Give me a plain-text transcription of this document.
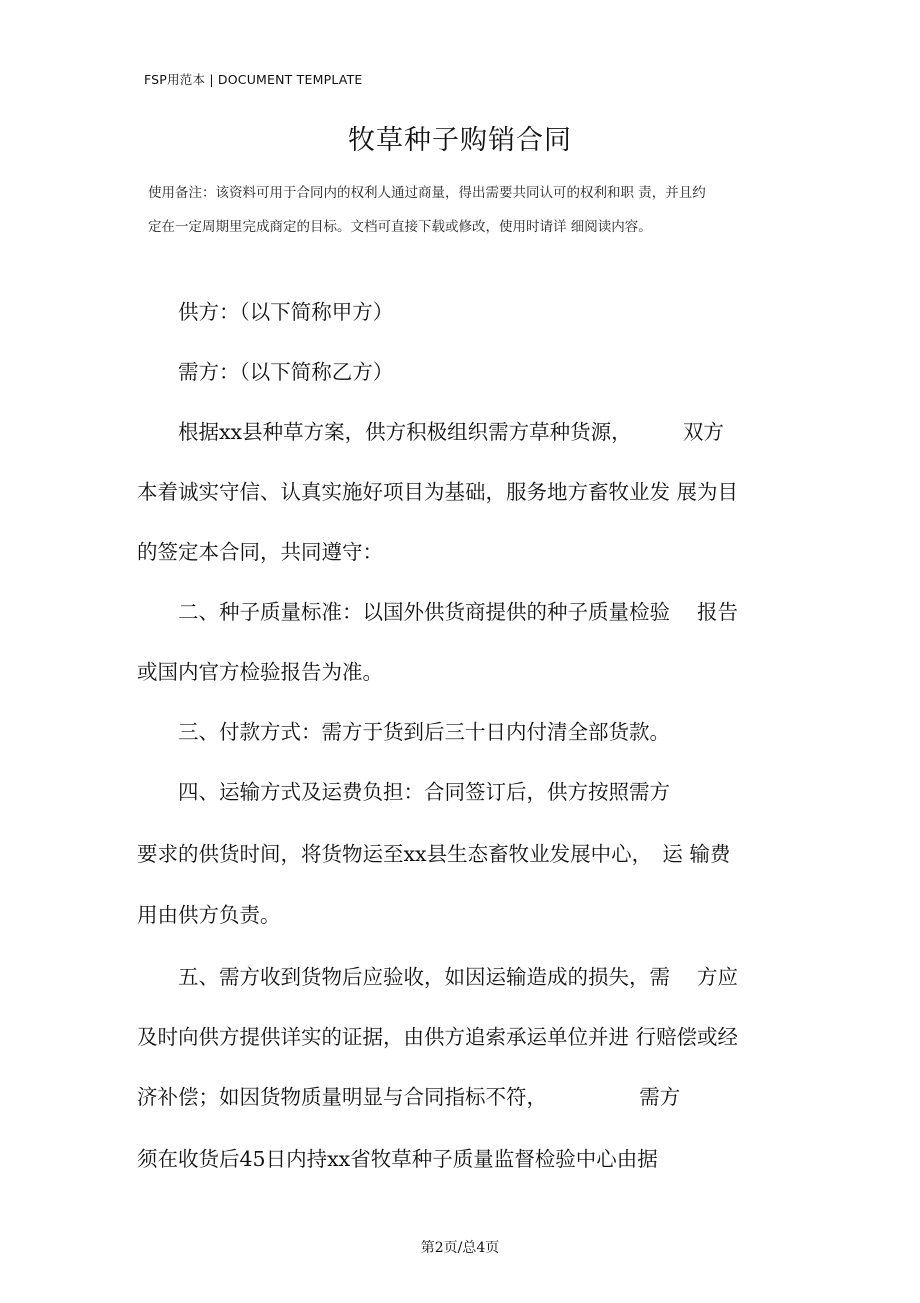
FSP用范本 | DOCUMENT TEMPLATE
牧草种子购销合同
使用备注：该资料可用于合同内的权利人通过商量，得出需要共同认可的权利和职 责，并且约
定在一定周期里完成商定的目标。文档可直接下载或修改，使用时请详 细阅读内容。
　　供方：（以下简称甲方）
　　需方：（以下简称乙方）
　　根据xx县种草方案，供方积极组织需方草种货源，　　　双方
本着诚实守信、认真实施好项目为基础，服务地方畜牧业发 展为目
的签定本合同，共同遵守：
　　二、种子质量标准：以国外供货商提供的种子质量检验　 报告
或国内官方检验报告为准。
　　三、付款方式：需方于货到后三十日内付清全部货款。
　　四、运输方式及运费负担：合同签订后，供方按照需方
要求的供货时间，将货物运至xx县生态畜牧业发展中心，　运 输费
用由供方负责。
　　五、需方收到货物后应验收，如因运输造成的损失，需　 方应
及时向供方提供详实的证据，由供方追索承运单位并进 行赔偿或经
济补偿；如因货物质量明显与合同指标不符，　　　　　需方
须在收货后45日内持xx省牧草种子质量监督检验中心由据
第2页/总4页
